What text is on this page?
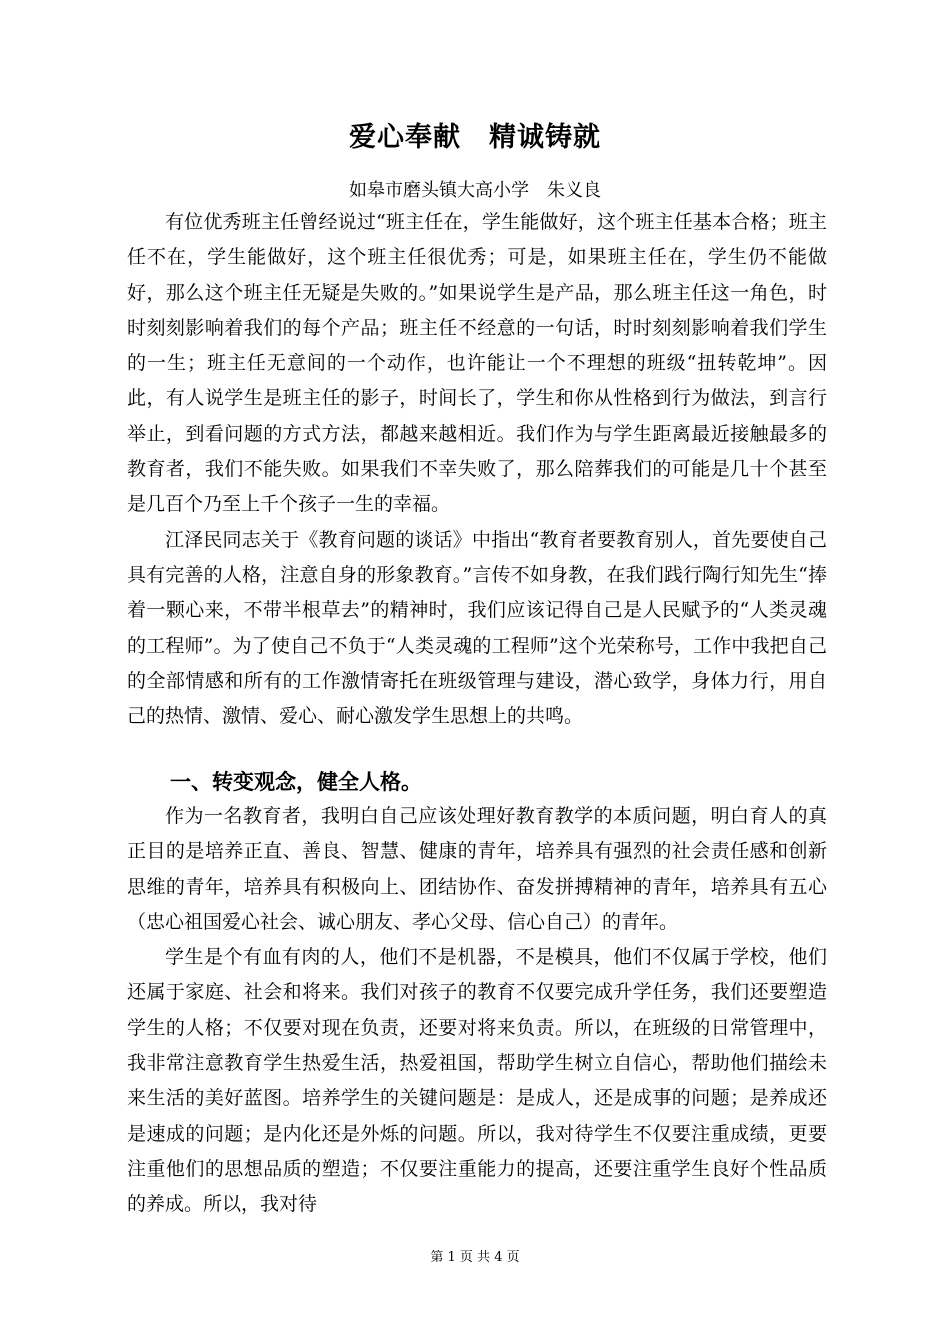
爱心奉献　精诚铸就
如皋市磨头镇大高小学　朱义良

有位优秀班主任曾经说过“班主任在，学生能做好，这个班主任基本合格；班主任不在，学生能做好，这个班主任很优秀；可是，如果班主任在，学生仍不能做好，那么这个班主任无疑是失败的。”如果说学生是产品，那么班主任这一角色，时时刻刻影响着我们的每个产品；班主任不经意的一句话，时时刻刻影响着我们学生的一生；班主任无意间的一个动作，也许能让一个不理想的班级“扭转乾坤”。因此，有人说学生是班主任的影子，时间长了，学生和你从性格到行为做法，到言行举止，到看问题的方式方法，都越来越相近。我们作为与学生距离最近接触最多的教育者，我们不能失败。如果我们不幸失败了，那么陪葬我们的可能是几十个甚至是几百个乃至上千个孩子一生的幸福。

江泽民同志关于《教育问题的谈话》中指出“教育者要教育别人，首先要使自己具有完善的人格，注意自身的形象教育。”言传不如身教，在我们践行陶行知先生“捧着一颗心来，不带半根草去”的精神时，我们应该记得自己是人民赋予的“人类灵魂的工程师”。为了使自己不负于“人类灵魂的工程师”这个光荣称号，工作中我把自己的全部情感和所有的工作激情寄托在班级管理与建设，潜心致学，身体力行，用自己的热情、激情、爱心、耐心激发学生思想上的共鸣。

一、转变观念，健全人格。

作为一名教育者，我明白自己应该处理好教育教学的本质问题，明白育人的真正目的是培养正直、善良、智慧、健康的青年，培养具有强烈的社会责任感和创新思维的青年，培养具有积极向上、团结协作、奋发拼搏精神的青年，培养具有五心（忠心祖国爱心社会、诚心朋友、孝心父母、信心自己）的青年。

学生是个有血有肉的人，他们不是机器，不是模具，他们不仅属于学校，他们还属于家庭、社会和将来。我们对孩子的教育不仅要完成升学任务，我们还要塑造学生的人格；不仅要对现在负责，还要对将来负责。所以，在班级的日常管理中，我非常注意教育学生热爱生活，热爱祖国，帮助学生树立自信心，帮助他们描绘未来生活的美好蓝图。培养学生的关键问题是：是成人，还是成事的问题；是养成还是速成的问题；是内化还是外烁的问题。所以，我对待学生不仅要注重成绩，更要注重他们的思想品质的塑造；不仅要注重能力的提高，还要注重学生良好个性品质的养成。所以，我对待

第 1 页 共 4 页
